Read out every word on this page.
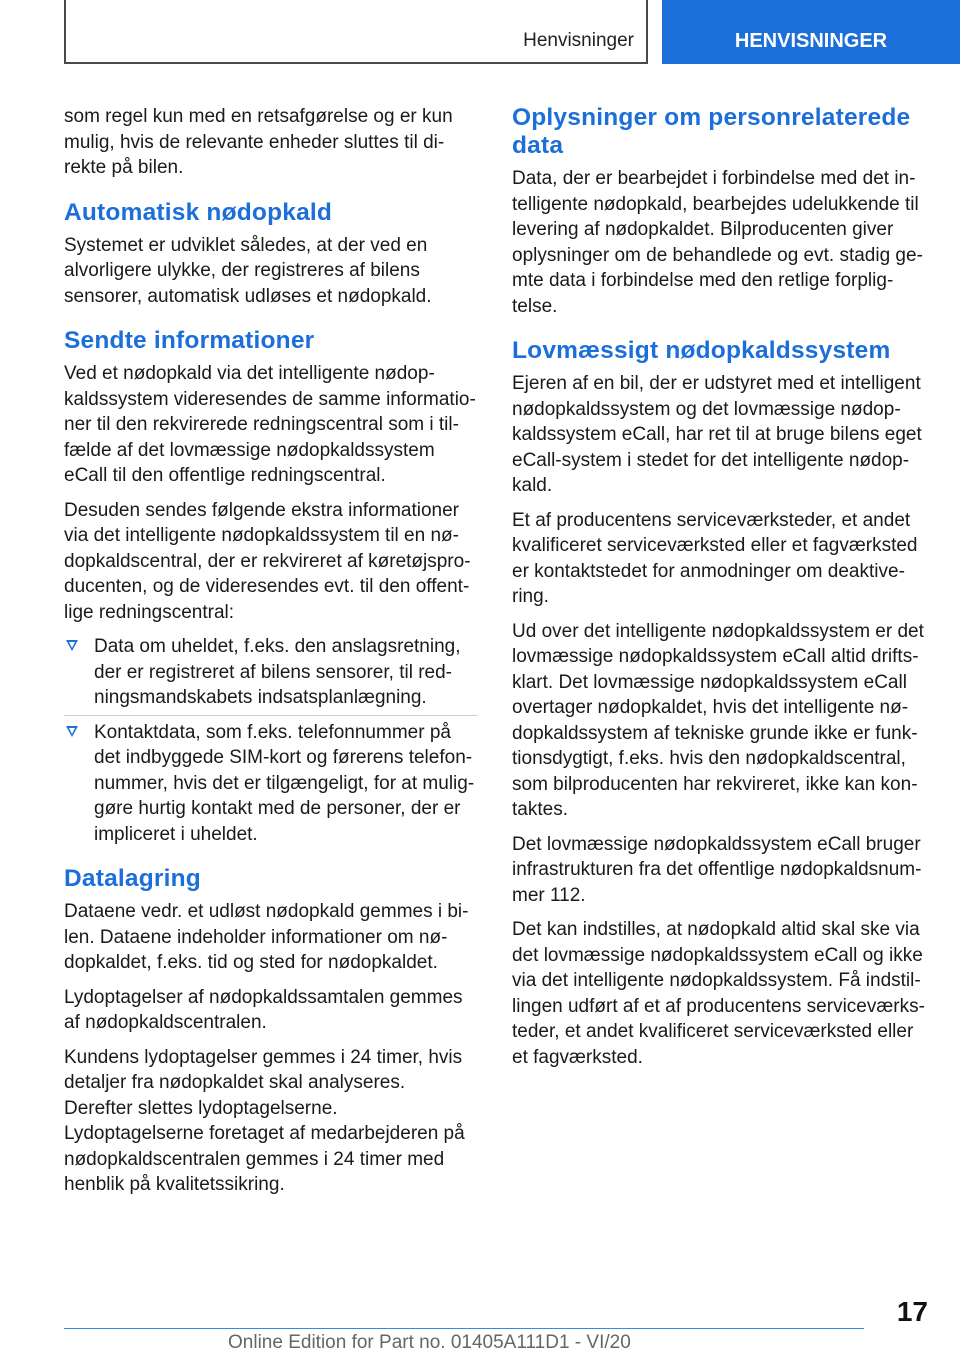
Henvisninger	HENVISNINGER

som regel kun med en retsafgørelse og er kun mulig, hvis de relevante enheder sluttes til direkte på bilen.

Automatisk nødopkald

Systemet er udviklet således, at der ved en alvorligere ulykke, der registreres af bilens sensorer, automatisk udløses et nødopkald.

Sendte informationer

Ved et nødopkald via det intelligente nødopkaldssystem videresendes de samme informationer til den rekvirerede redningscentral som i tilfælde af det lovmæssige nødopkaldssystem eCall til den offentlige redningscentral.

Desuden sendes følgende ekstra informationer via det intelligente nødopkaldssystem til en nødopkaldscentral, der er rekvireret af køretøjsproducenten, og de videresendes evt. til den offentlige redningscentral:

Data om uheldet, f.eks. den anslagsretning, der er registreret af bilens sensorer, til redningsmandskabets indsatsplanlægning.
Kontaktdata, som f.eks. telefonnummer på det indbyggede SIM-kort og førerens telefonnummer, hvis det er tilgængeligt, for at muliggøre hurtig kontakt med de personer, der er impliceret i uheldet.
Datalagring

Dataene vedr. et udløst nødopkald gemmes i bilen. Dataene indeholder informationer om nødopkaldet, f.eks. tid og sted for nødopkaldet.

Lydoptagelser af nødopkaldssamtalen gemmes af nødopkaldscentralen.

Kundens lydoptagelser gemmes i 24 timer, hvis detaljer fra nødopkaldet skal analyseres. Derefter slettes lydoptagelserne. Lydoptagelserne foretaget af medarbejderen på nødopkaldscentralen gemmes i 24 timer med henblik på kvalitetssikring.

Oplysninger om personrelaterede data

Data, der er bearbejdet i forbindelse med det intelligente nødopkald, bearbejdes udelukkende til levering af nødopkaldet. Bilproducenten giver oplysninger om de behandlede og evt. stadig gemte data i forbindelse med den retlige forpligtelse.

Lovmæssigt nødopkaldssystem

Ejeren af en bil, der er udstyret med et intelligent nødopkaldssystem og det lovmæssige nødopkaldssystem eCall, har ret til at bruge bilens eget eCall-system i stedet for det intelligente nødopkald.

Et af producentens serviceværksteder, et andet kvalificeret serviceværksted eller et fagværksted er kontaktstedet for anmodninger om deaktivering.

Ud over det intelligente nødopkaldssystem er det lovmæssige nødopkaldssystem eCall altid driftsklart. Det lovmæssige nødopkaldssystem eCall overtager nødopkaldet, hvis det intelligente nødopkaldssystem af tekniske grunde ikke er funktionsdygtigt, f.eks. hvis den nødopkaldscentral, som bilproducenten har rekvireret, ikke kan kontaktes.

Det lovmæssige nødopkaldssystem eCall bruger infrastrukturen fra det offentlige nødopkaldsnummer 112.

Det kan indstilles, at nødopkald altid skal ske via det lovmæssige nødopkaldssystem eCall og ikke via det intelligente nødopkaldssystem. Få indstillingen udført af et af producentens serviceværksteder, et andet kvalificeret serviceværksted eller et fagværksted.

17
Online Edition for Part no. 01405A111D1 - VI/20
